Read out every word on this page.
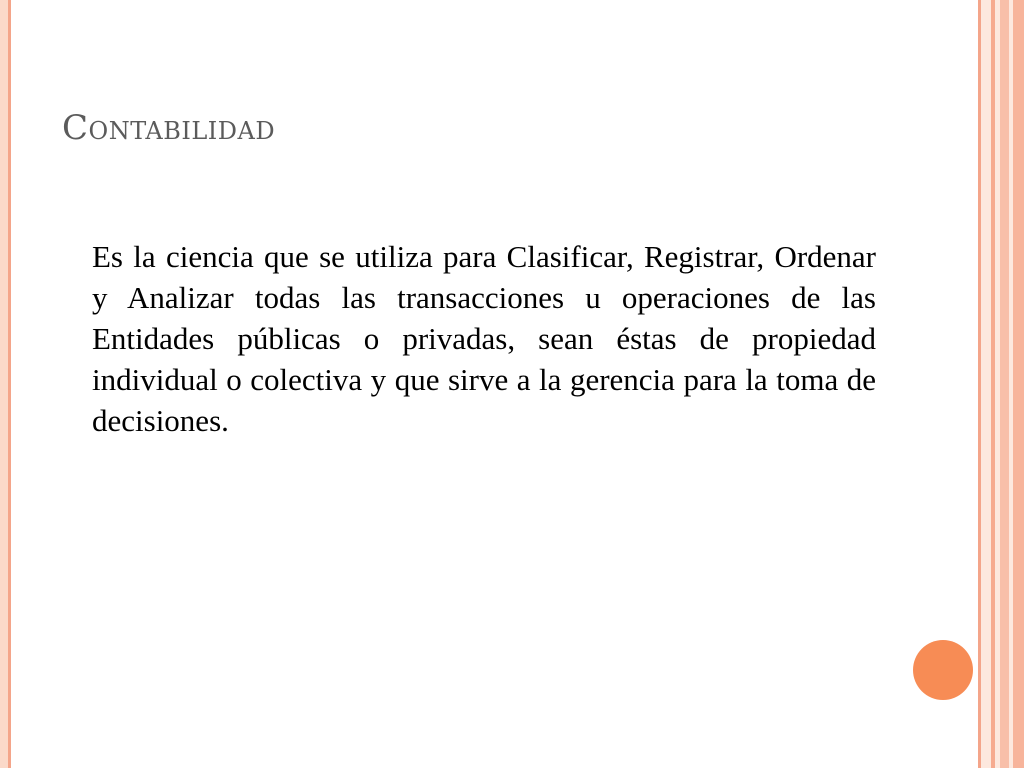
Contabilidad

Es la ciencia que se utiliza para Clasificar, Registrar, Ordenar y Analizar todas las transacciones u operaciones de las Entidades públicas o privadas, sean éstas de propiedad individual o colectiva y que sirve a la gerencia para la toma de decisiones.
